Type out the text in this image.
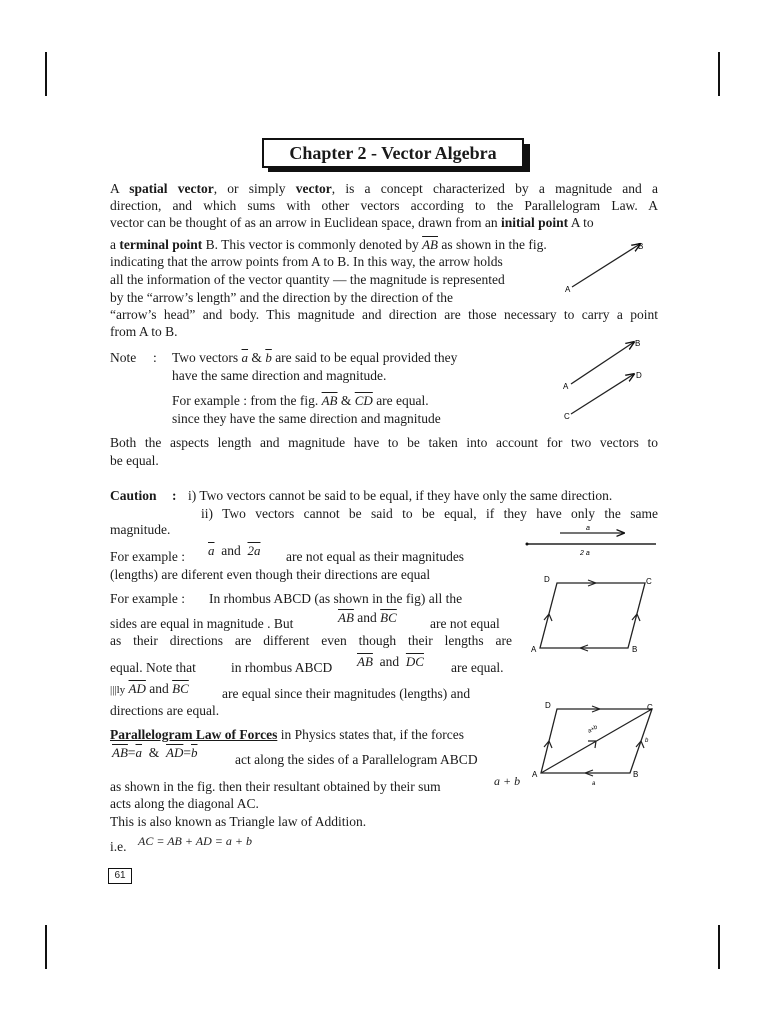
Chapter 2 - Vector Algebra
A spatial vector, or simply vector, is a concept characterized by a magnitude and a
direction, and which sums with other vectors according to the Parallelogram Law. A
vector can be thought of as an arrow in Euclidean space, drawn from an initial point A to
a terminal point B. This vector is commonly denoted by $\overline{AB}$ as shown in the fig.
indicating that the arrow points from A to B. In this way, the arrow holds
all the information of the vector quantity — the magnitude is represented
by the “arrow’s length” and the direction by the direction of the
“arrow’s head” and body. This magnitude and direction are those necessary to carry a point
from A to B.
Note : Two vectors $\overline{a}$ & $\overline{b}$ are said to be equal provided they
have the same direction and magnitude.
For example : from the fig. $\overline{AB}$ & $\overline{CD}$ are equal.
since they have the same direction and magnitude
Both the aspects length and magnitude have to be taken into account for two vectors to
be equal.
Caution : i) Two vectors cannot be said to be equal, if they have only the same direction.
ii) Two vectors cannot be said to be equal, if they have only the same
magnitude.
For example : $\overline{a}$ and 2a are not equal as their magnitudes
(lengths) are diferent even though their directions are equal
For example : In rhombus ABCD (as shown in the fig) all the
sides are equal in magnitude . But	$\overline{AB}$ and $\overline{BC}$ are not equal
as their directions are different even though their lengths are
equal. Note that	in rhombus ABCD $\overline{AB}$ and $\overline{DC}$ are equal.
|||ly $\overline{AD}$ and $\overline{BC}$ are equal since their magnitudes (lengths) and
directions are equal.
Parallelogram Law of Forces in Physics states that, if the forces
$\overline{AB}=\overline{a}$ & $\overline{AD}=\overline{b}$	act along the sides of a Parallelogram ABCD
as shown in the fig. then their resultant obtained by their sum	a + b
acts along the diagonal AC.
This is also known as Triangle law of Addition.
i.e. AC = AB + AD = a + b
61
A
B
A
B
C
D
a
2 a
A	B
C
D
A	B
C
D
a+b
a
b
